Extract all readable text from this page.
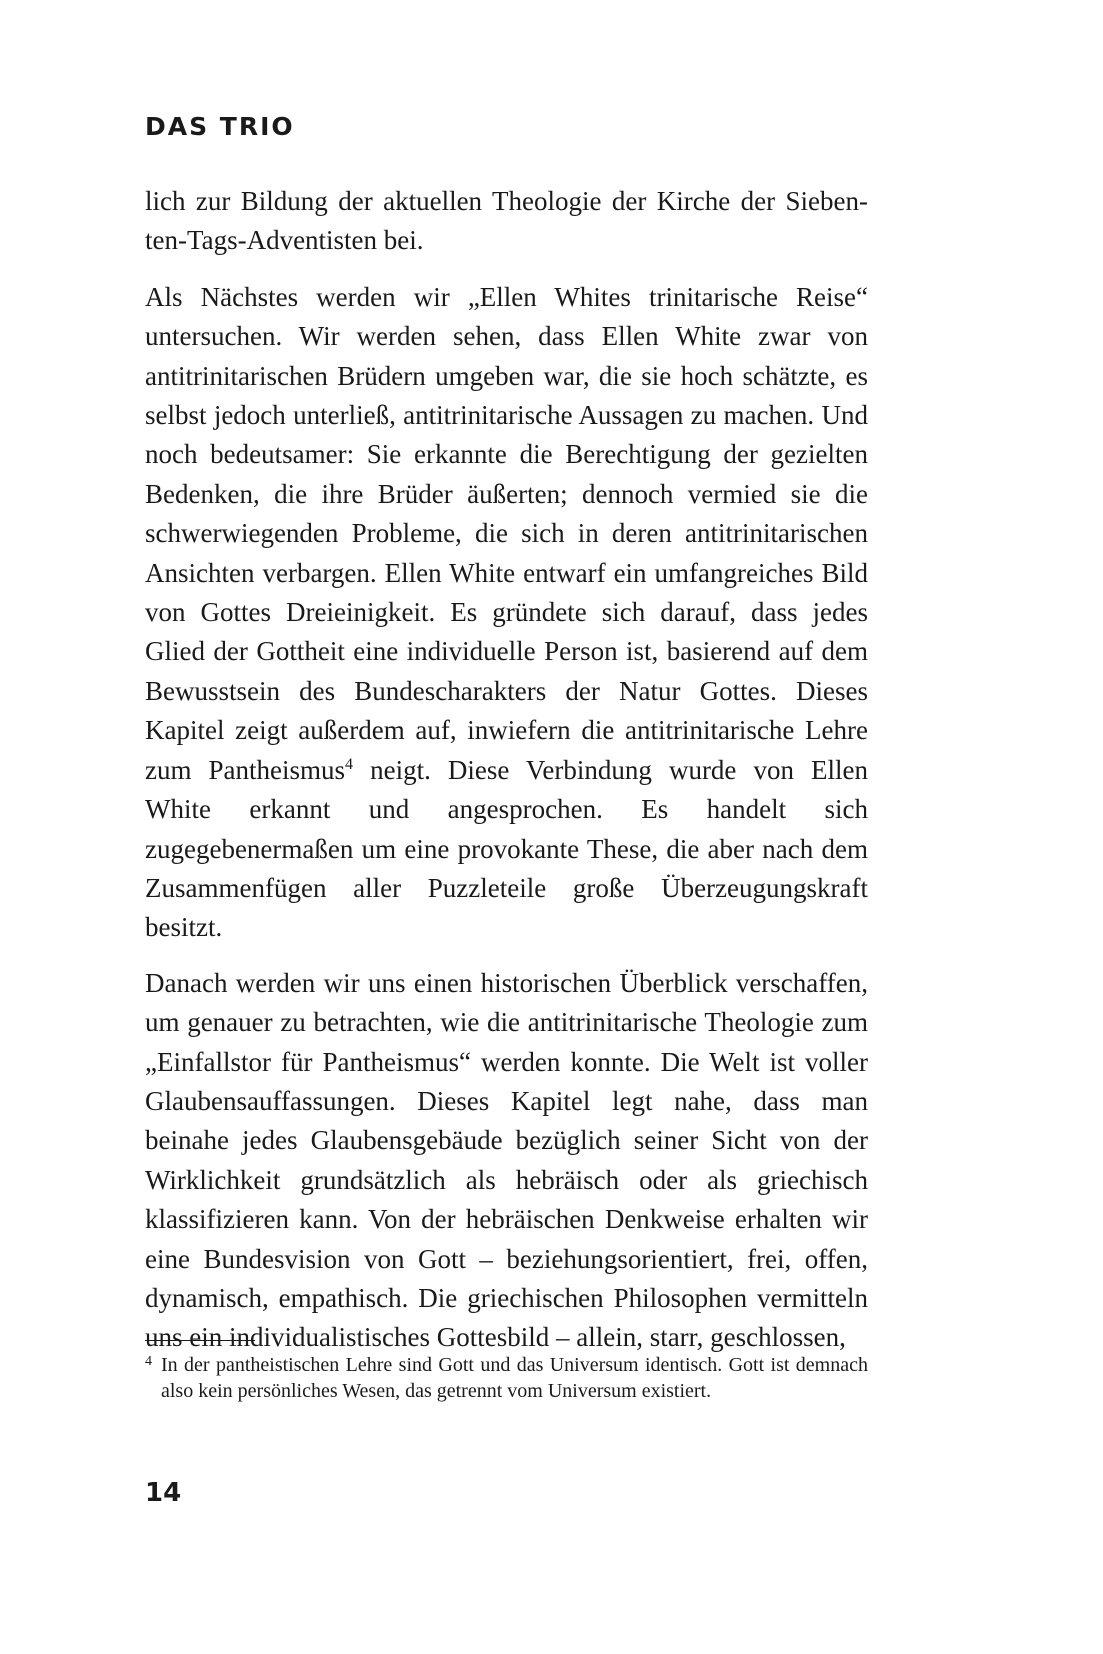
DAS TRIO

lich zur Bildung der aktuellen Theologie der Kirche der Sieben-ten-Tags-Adventisten bei.

Als Nächstes werden wir „Ellen Whites trinitarische Reise“ untersuchen. Wir werden sehen, dass Ellen White zwar von antitrinitarischen Brüdern umgeben war, die sie hoch schätzte, es selbst jedoch unterließ, antitrinitarische Aussagen zu machen. Und noch bedeutsamer: Sie erkannte die Berechtigung der gezielten Bedenken, die ihre Brüder äußerten; dennoch vermied sie die schwerwiegenden Probleme, die sich in deren antitrinitarischen Ansichten verbargen. Ellen White entwarf ein umfangreiches Bild von Gottes Dreieinigkeit. Es gründete sich darauf, dass jedes Glied der Gottheit eine individuelle Person ist, basierend auf dem Bewusstsein des Bundescharakters der Natur Gottes. Dieses Kapitel zeigt außerdem auf, inwiefern die antitrinitarische Lehre zum Pantheismus$^4$ neigt. Diese Verbindung wurde von Ellen White erkannt und angesprochen. Es handelt sich zugegebenermaßen um eine provokante These, die aber nach dem Zusammenfügen aller Puzzleteile große Überzeugungskraft besitzt.

Danach werden wir uns einen historischen Überblick verschaffen, um genauer zu betrachten, wie die antitrinitarische Theologie zum „Einfallstor für Pantheismus“ werden konnte. Die Welt ist voller Glaubensauffassungen. Dieses Kapitel legt nahe, dass man beinahe jedes Glaubensgebäude bezüglich seiner Sicht von der Wirklichkeit grundsätzlich als hebräisch oder als griechisch klassifizieren kann. Von der hebräischen Denkweise erhalten wir eine Bundesvision von Gott – beziehungsorientiert, frei, offen, dynamisch, empathisch. Die griechischen Philosophen vermitteln uns ein individualistisches Gottesbild – allein, starr, geschlossen,

4 In der pantheistischen Lehre sind Gott und das Universum identisch. Gott ist demnach also kein persönliches Wesen, das getrennt vom Universum existiert.

14
